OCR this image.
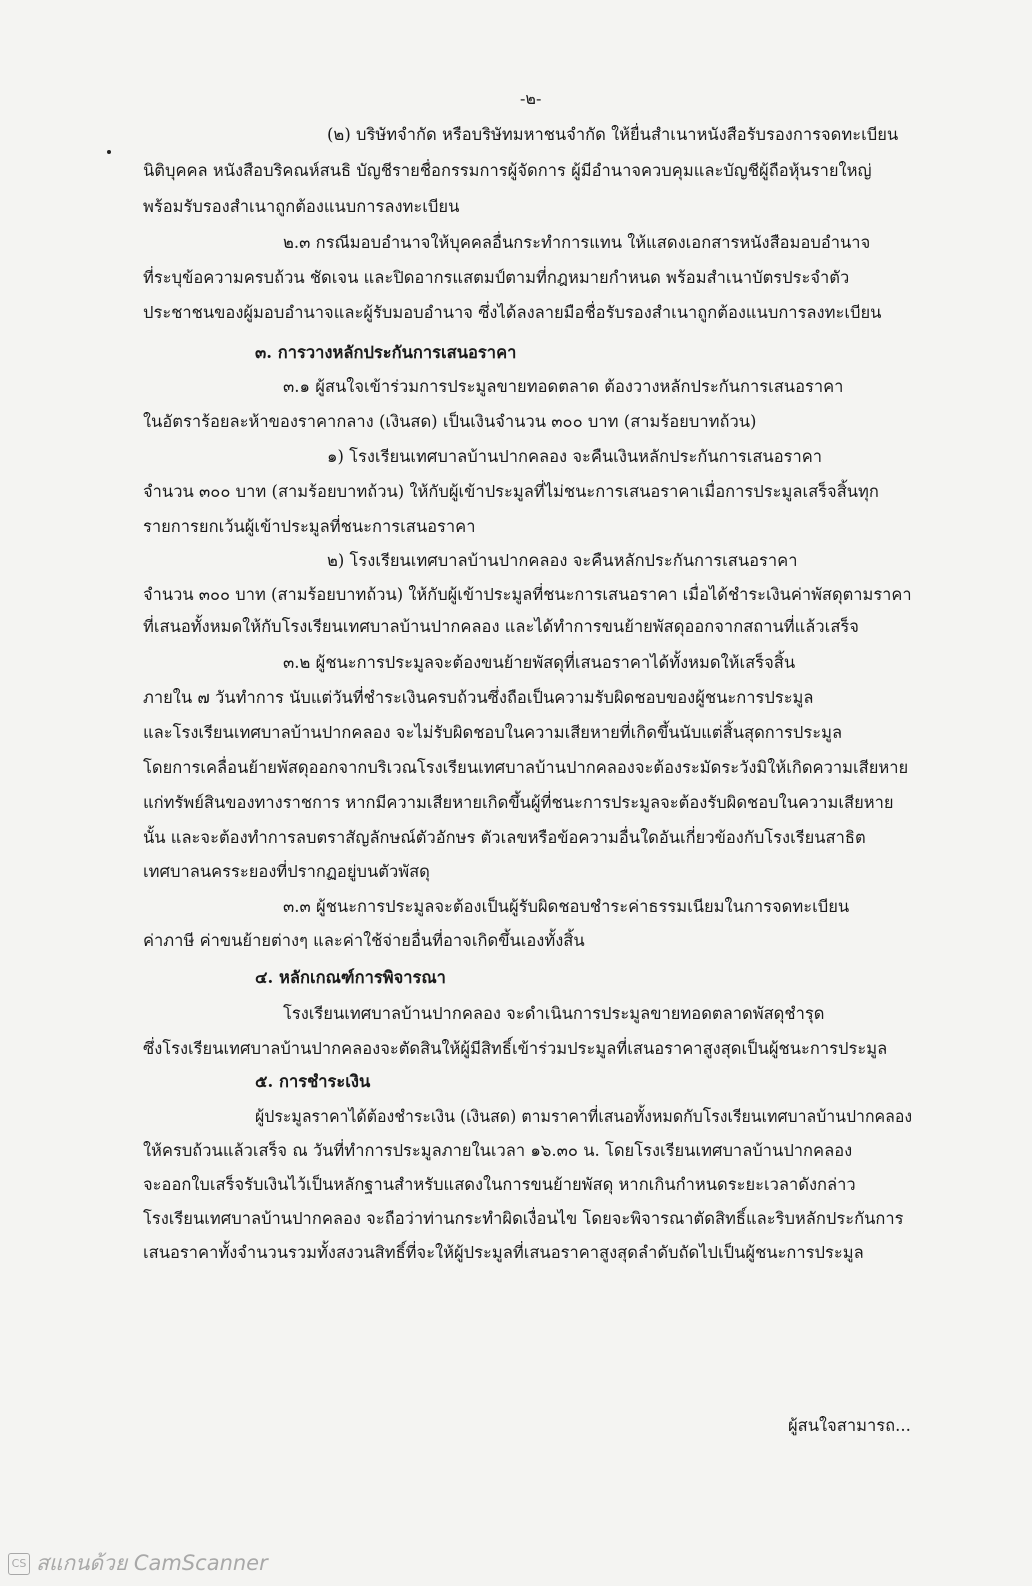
-๒-
(๒) บริษัทจำกัด หรือบริษัทมหาชนจำกัด ให้ยื่นสำเนาหนังสือรับรองการจดทะเบียน
นิติบุคคล หนังสือบริคณห์สนธิ บัญชีรายชื่อกรรมการผู้จัดการ ผู้มีอำนาจควบคุมและบัญชีผู้ถือหุ้นรายใหญ่
พร้อมรับรองสำเนาถูกต้องแนบการลงทะเบียน
๒.๓ กรณีมอบอำนาจให้บุคคลอื่นกระทำการแทน ให้แสดงเอกสารหนังสือมอบอำนาจ
ที่ระบุข้อความครบถ้วน ชัดเจน และปิดอากรแสตมป์ตามที่กฎหมายกำหนด พร้อมสำเนาบัตรประจำตัว
ประชาชนของผู้มอบอำนาจและผู้รับมอบอำนาจ ซึ่งได้ลงลายมือชื่อรับรองสำเนาถูกต้องแนบการลงทะเบียน
๓. การวางหลักประกันการเสนอราคา
๓.๑ ผู้สนใจเข้าร่วมการประมูลขายทอดตลาด ต้องวางหลักประกันการเสนอราคา
ในอัตราร้อยละห้าของราคากลาง (เงินสด) เป็นเงินจำนวน ๓๐๐ บาท (สามร้อยบาทถ้วน)
๑) โรงเรียนเทศบาลบ้านปากคลอง จะคืนเงินหลักประกันการเสนอราคา
จำนวน ๓๐๐ บาท (สามร้อยบาทถ้วน) ให้กับผู้เข้าประมูลที่ไม่ชนะการเสนอราคาเมื่อการประมูลเสร็จสิ้นทุก
รายการยกเว้นผู้เข้าประมูลที่ชนะการเสนอราคา
๒) โรงเรียนเทศบาลบ้านปากคลอง จะคืนหลักประกันการเสนอราคา
จำนวน ๓๐๐ บาท (สามร้อยบาทถ้วน) ให้กับผู้เข้าประมูลที่ชนะการเสนอราคา เมื่อได้ชำระเงินค่าพัสดุตามราคา
ที่เสนอทั้งหมดให้กับโรงเรียนเทศบาลบ้านปากคลอง และได้ทำการขนย้ายพัสดุออกจากสถานที่แล้วเสร็จ
๓.๒ ผู้ชนะการประมูลจะต้องขนย้ายพัสดุที่เสนอราคาได้ทั้งหมดให้เสร็จสิ้น
ภายใน ๗ วันทำการ นับแต่วันที่ชำระเงินครบถ้วนซึ่งถือเป็นความรับผิดชอบของผู้ชนะการประมูล
และโรงเรียนเทศบาลบ้านปากคลอง จะไม่รับผิดชอบในความเสียหายที่เกิดขึ้นนับแต่สิ้นสุดการประมูล
โดยการเคลื่อนย้ายพัสดุออกจากบริเวณโรงเรียนเทศบาลบ้านปากคลองจะต้องระมัดระวังมิให้เกิดความเสียหาย
แก่ทรัพย์สินของทางราชการ หากมีความเสียหายเกิดขึ้นผู้ที่ชนะการประมูลจะต้องรับผิดชอบในความเสียหาย
นั้น และจะต้องทำการลบตราสัญลักษณ์ตัวอักษร ตัวเลขหรือข้อความอื่นใดอันเกี่ยวข้องกับโรงเรียนสาธิต
เทศบาลนครระยองที่ปรากฏอยู่บนตัวพัสดุ
๓.๓ ผู้ชนะการประมูลจะต้องเป็นผู้รับผิดชอบชำระค่าธรรมเนียมในการจดทะเบียน
ค่าภาษี ค่าขนย้ายต่างๆ และค่าใช้จ่ายอื่นที่อาจเกิดขึ้นเองทั้งสิ้น
๔. หลักเกณฑ์การพิจารณา
โรงเรียนเทศบาลบ้านปากคลอง จะดำเนินการประมูลขายทอดตลาดพัสดุชำรุด
ซึ่งโรงเรียนเทศบาลบ้านปากคลองจะตัดสินให้ผู้มีสิทธิ์เข้าร่วมประมูลที่เสนอราคาสูงสุดเป็นผู้ชนะการประมูล
๕. การชำระเงิน
ผู้ประมูลราคาได้ต้องชำระเงิน (เงินสด) ตามราคาที่เสนอทั้งหมดกับโรงเรียนเทศบาลบ้านปากคลอง
ให้ครบถ้วนแล้วเสร็จ ณ วันที่ทำการประมูลภายในเวลา ๑๖.๓๐ น. โดยโรงเรียนเทศบาลบ้านปากคลอง
จะออกใบเสร็จรับเงินไว้เป็นหลักฐานสำหรับแสดงในการขนย้ายพัสดุ หากเกินกำหนดระยะเวลาดังกล่าว
โรงเรียนเทศบาลบ้านปากคลอง จะถือว่าท่านกระทำผิดเงื่อนไข โดยจะพิจารณาตัดสิทธิ์และริบหลักประกันการ
เสนอราคาทั้งจำนวนรวมทั้งสงวนสิทธิ์ที่จะให้ผู้ประมูลที่เสนอราคาสูงสุดลำดับถัดไปเป็นผู้ชนะการประมูล
ผู้สนใจสามารถ...
CS สแกนด้วย CamScanner
